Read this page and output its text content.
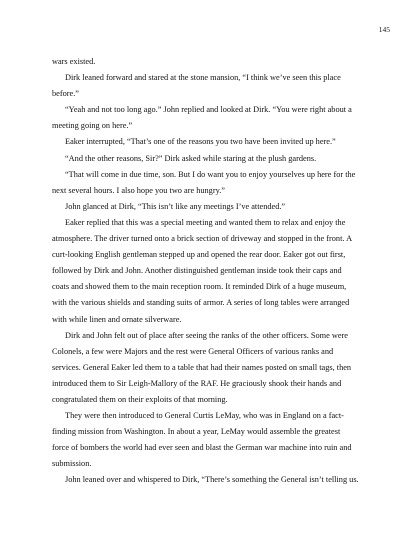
145
wars existed.
Dirk leaned forward and stared at the stone mansion, “I think we’ve seen this place
before.”
“Yeah and not too long ago.” John replied and looked at Dirk. “You were right about a
meeting going on here.”
Eaker interrupted, “That’s one of the reasons you two have been invited up here.”
“And the other reasons, Sir?” Dirk asked while staring at the plush gardens.
“That will come in due time, son. But I do want you to enjoy yourselves up here for the
next several hours. I also hope you two are hungry.”
John glanced at Dirk, “This isn’t like any meetings I’ve attended.”
Eaker replied that this was a special meeting and wanted them to relax and enjoy the
atmosphere. The driver turned onto a brick section of driveway and stopped in the front. A
curt-looking English gentleman stepped up and opened the rear door. Eaker got out first,
followed by Dirk and John. Another distinguished gentleman inside took their caps and
coats and showed them to the main reception room. It reminded Dirk of a huge museum,
with the various shields and standing suits of armor. A series of long tables were arranged
with while linen and ornate silverware.
Dirk and John felt out of place after seeing the ranks of the other officers. Some were
Colonels, a few were Majors and the rest were General Officers of various ranks and
services. General Eaker led them to a table that had their names posted on small tags, then
introduced them to Sir Leigh-Mallory of the RAF. He graciously shook their hands and
congratulated them on their exploits of that morning.
They were then introduced to General Curtis LeMay, who was in England on a fact-
finding mission from Washington. In about a year, LeMay would assemble the greatest
force of bombers the world had ever seen and blast the German war machine into ruin and
submission.
John leaned over and whispered to Dirk, “There’s something the General isn’t telling us.
